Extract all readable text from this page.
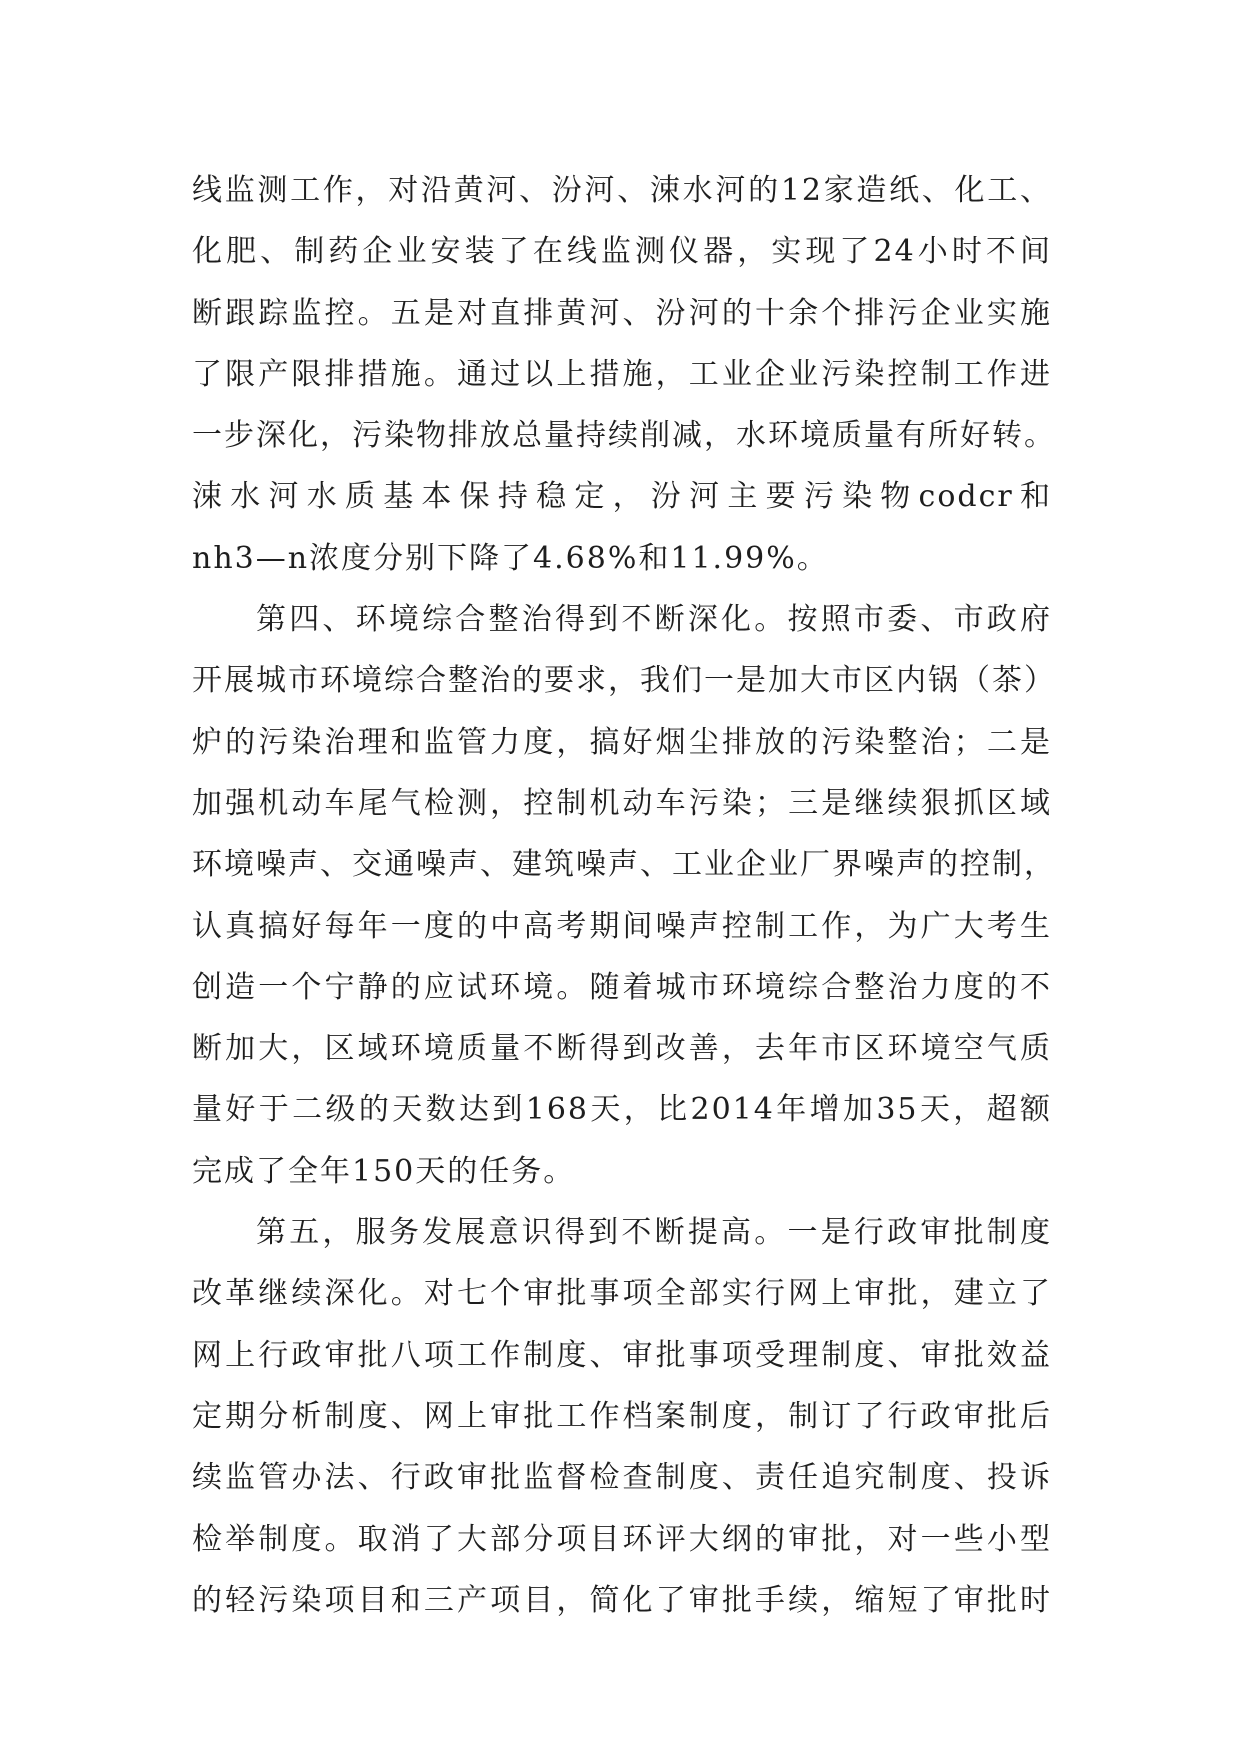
线监测工作，对沿黄河、汾河、涑水河的12家造纸、化工、
化肥、制药企业安装了在线监测仪器，实现了24小时不间
断跟踪监控。五是对直排黄河、汾河的十余个排污企业实施
了限产限排措施。通过以上措施，工业企业污染控制工作进
一步深化，污染物排放总量持续削减，水环境质量有所好转。
涑水河水质基本保持稳定，汾河主要污染物codcr和
nh3—n浓度分别下降了4.68%和11.99%。
第四、环境综合整治得到不断深化。按照市委、市政府
开展城市环境综合整治的要求，我们一是加大市区内锅（茶）
炉的污染治理和监管力度，搞好烟尘排放的污染整治；二是
加强机动车尾气检测，控制机动车污染；三是继续狠抓区域
环境噪声、交通噪声、建筑噪声、工业企业厂界噪声的控制，
认真搞好每年一度的中高考期间噪声控制工作，为广大考生
创造一个宁静的应试环境。随着城市环境综合整治力度的不
断加大，区域环境质量不断得到改善，去年市区环境空气质
量好于二级的天数达到168天，比2014年增加35天，超额
完成了全年150天的任务。
第五，服务发展意识得到不断提高。一是行政审批制度
改革继续深化。对七个审批事项全部实行网上审批，建立了
网上行政审批八项工作制度、审批事项受理制度、审批效益
定期分析制度、网上审批工作档案制度，制订了行政审批后
续监管办法、行政审批监督检查制度、责任追究制度、投诉
检举制度。取消了大部分项目环评大纲的审批，对一些小型
的轻污染项目和三产项目，简化了审批手续，缩短了审批时
